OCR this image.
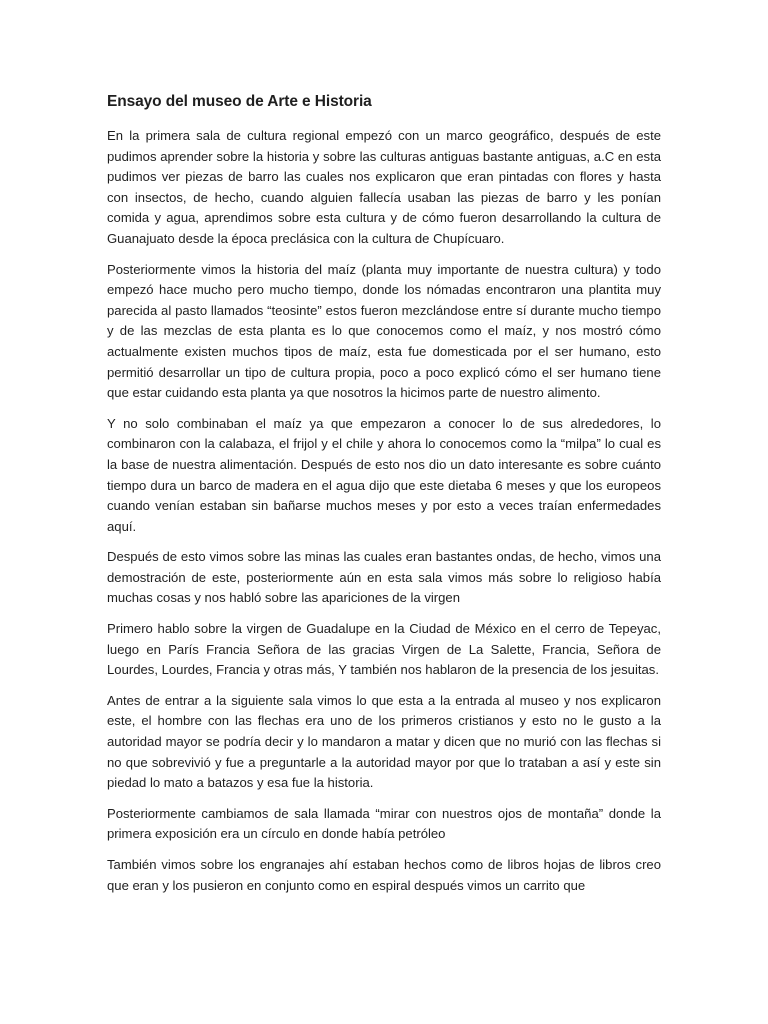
Ensayo del museo de Arte e Historia

En la primera sala de cultura regional empezó con un marco geográfico, después de este pudimos aprender sobre la historia y sobre las culturas antiguas bastante antiguas, a.C en esta pudimos ver piezas de barro las cuales nos explicaron que eran pintadas con flores y hasta con insectos, de hecho, cuando alguien fallecía usaban las piezas de barro y les ponían comida y agua, aprendimos sobre esta cultura y de cómo fueron desarrollando la cultura de Guanajuato desde la época preclásica con la cultura de Chupícuaro.

Posteriormente vimos la historia del maíz (planta muy importante de nuestra cultura) y todo empezó hace mucho pero mucho tiempo, donde los nómadas encontraron una plantita muy parecida al pasto llamados “teosinte” estos fueron mezclándose entre sí durante mucho tiempo y de las mezclas de esta planta es lo que conocemos como el maíz, y nos mostró cómo actualmente existen muchos tipos de maíz, esta fue domesticada por el ser humano, esto permitió desarrollar un tipo de cultura propia, poco a poco explicó cómo el ser humano tiene que estar cuidando esta planta ya que nosotros la hicimos parte de nuestro alimento.

Y no solo combinaban el maíz ya que empezaron a conocer lo de sus alrededores, lo combinaron con la calabaza, el frijol y el chile y ahora lo conocemos como la “milpa” lo cual es la base de nuestra alimentación. Después de esto nos dio un dato interesante es sobre cuánto tiempo dura un barco de madera en el agua dijo que este dietaba 6 meses y que los europeos cuando venían estaban sin bañarse muchos meses y por esto a veces traían enfermedades aquí.

Después de esto vimos sobre las minas las cuales eran bastantes ondas, de hecho, vimos una demostración de este, posteriormente aún en esta sala vimos más sobre lo religioso había muchas cosas y nos habló sobre las apariciones de la virgen

Primero hablo sobre la virgen de Guadalupe en la Ciudad de México en el cerro de Tepeyac, luego en París Francia Señora de las gracias Virgen de La Salette, Francia, Señora de Lourdes, Lourdes, Francia y otras más, Y también nos hablaron de la presencia de los jesuitas.

Antes de entrar a la siguiente sala vimos lo que esta a la entrada al museo y nos explicaron este, el hombre con las flechas era uno de los primeros cristianos y esto no le gusto a la autoridad mayor se podría decir y lo mandaron a matar y dicen que no murió con las flechas si no que sobrevivió y fue a preguntarle a la autoridad mayor por que lo trataban a así y este sin piedad lo mato a batazos y esa fue la historia.

Posteriormente cambiamos de sala llamada “mirar con nuestros ojos de montaña” donde la primera exposición era un círculo en donde había petróleo

También vimos sobre los engranajes ahí estaban hechos como de libros hojas de libros creo que eran y los pusieron en conjunto como en espiral después vimos un carrito que
